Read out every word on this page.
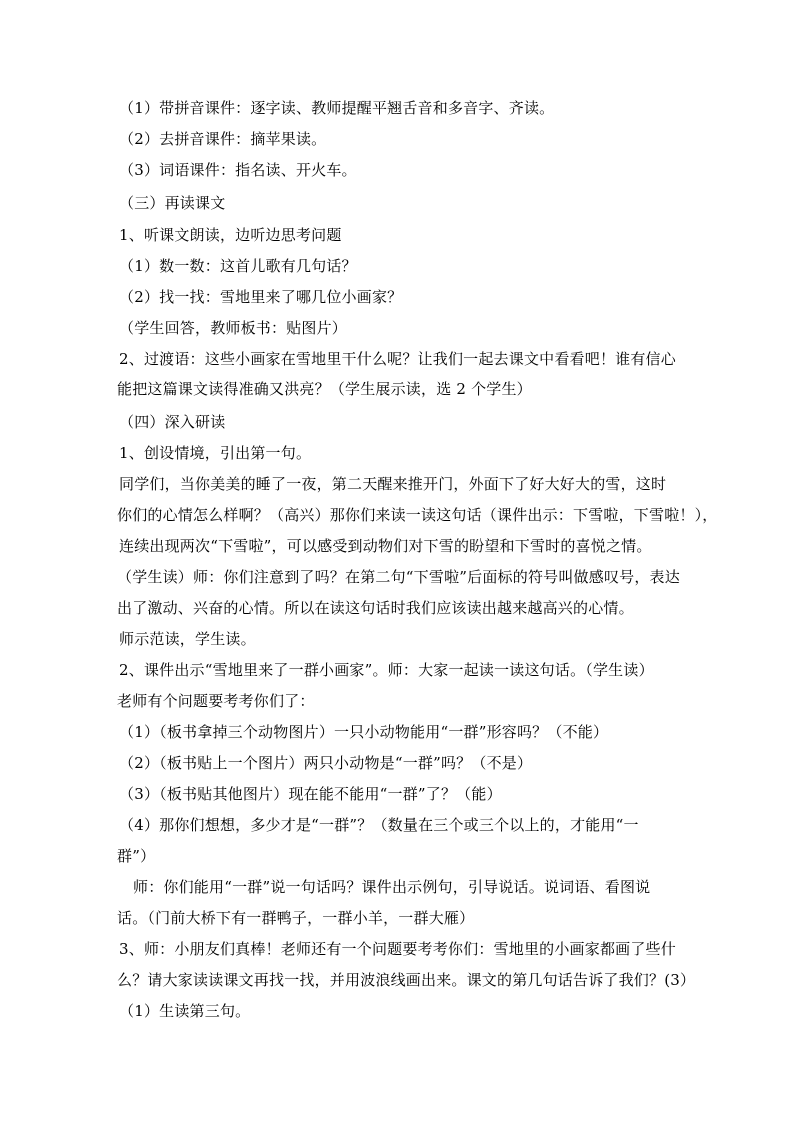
（1）带拼音课件：逐字读、教师提醒平翘舌音和多音字、齐读。
（2）去拼音课件：摘苹果读。
（3）词语课件：指名读、开火车。
（三）再读课文
1、听课文朗读，边听边思考问题
（1）数一数：这首儿歌有几句话？
（2）找一找：雪地里来了哪几位小画家？
（学生回答，教师板书：贴图片）
2、过渡语：这些小画家在雪地里干什么呢？让我们一起去课文中看看吧！谁有信心
能把这篇课文读得准确又洪亮？（学生展示读，选 2 个学生）
（四）深入研读
1、创设情境，引出第一句。
同学们，当你美美的睡了一夜，第二天醒来推开门，外面下了好大好大的雪，这时
你们的心情怎么样啊？（高兴）那你们来读一读这句话（课件出示：下雪啦，下雪啦！），
连续出现两次“下雪啦”，可以感受到动物们对下雪的盼望和下雪时的喜悦之情。
（学生读）师：你们注意到了吗？在第二句“下雪啦”后面标的符号叫做感叹号，表达
出了激动、兴奋的心情。所以在读这句话时我们应该读出越来越高兴的心情。
师示范读，学生读。
2、课件出示“雪地里来了一群小画家”。师：大家一起读一读这句话。（学生读）
老师有个问题要考考你们了：
（1）（板书拿掉三个动物图片）一只小动物能用“一群”形容吗？（不能）
（2）（板书贴上一个图片）两只小动物是“一群”吗？（不是）
（3）（板书贴其他图片）现在能不能用“一群”了？（能）
（4）那你们想想，多少才是“一群”？（数量在三个或三个以上的，才能用“一
群”）
师：你们能用“一群”说一句话吗？课件出示例句，引导说话。说词语、看图说
话。（门前大桥下有一群鸭子，一群小羊，一群大雁）
3、师：小朋友们真棒！老师还有一个问题要考考你们：雪地里的小画家都画了些什
么？请大家读读课文再找一找，并用波浪线画出来。课文的第几句话告诉了我们？(3）
（1）生读第三句。
